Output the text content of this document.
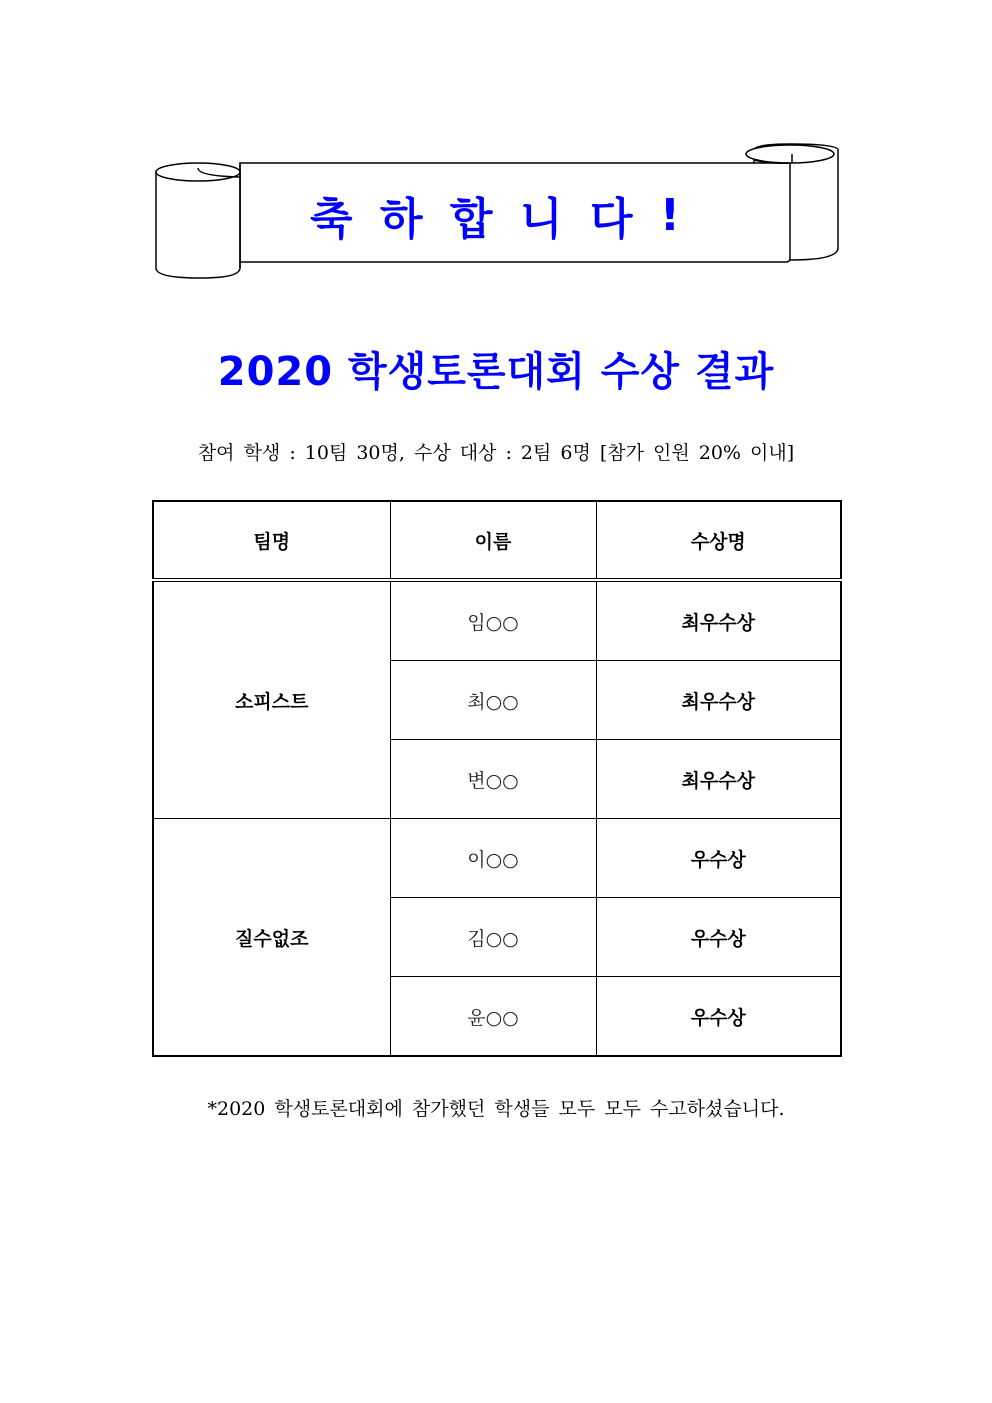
축 하 합 니 다 !
2020 학생토론대회 수상 결과
참여 학생 : 10팀 30명, 수상 대상 : 2팀 6명 [참가 인원 20% 이내]
팀명	이름	수상명
소피스트	임○○	최우수상
	최○○	최우수상
	변○○	최우수상
질수없조	이○○	우수상
	김○○	우수상
	윤○○	우수상
*2020 학생토론대회에 참가했던 학생들 모두 모두 수고하셨습니다.
